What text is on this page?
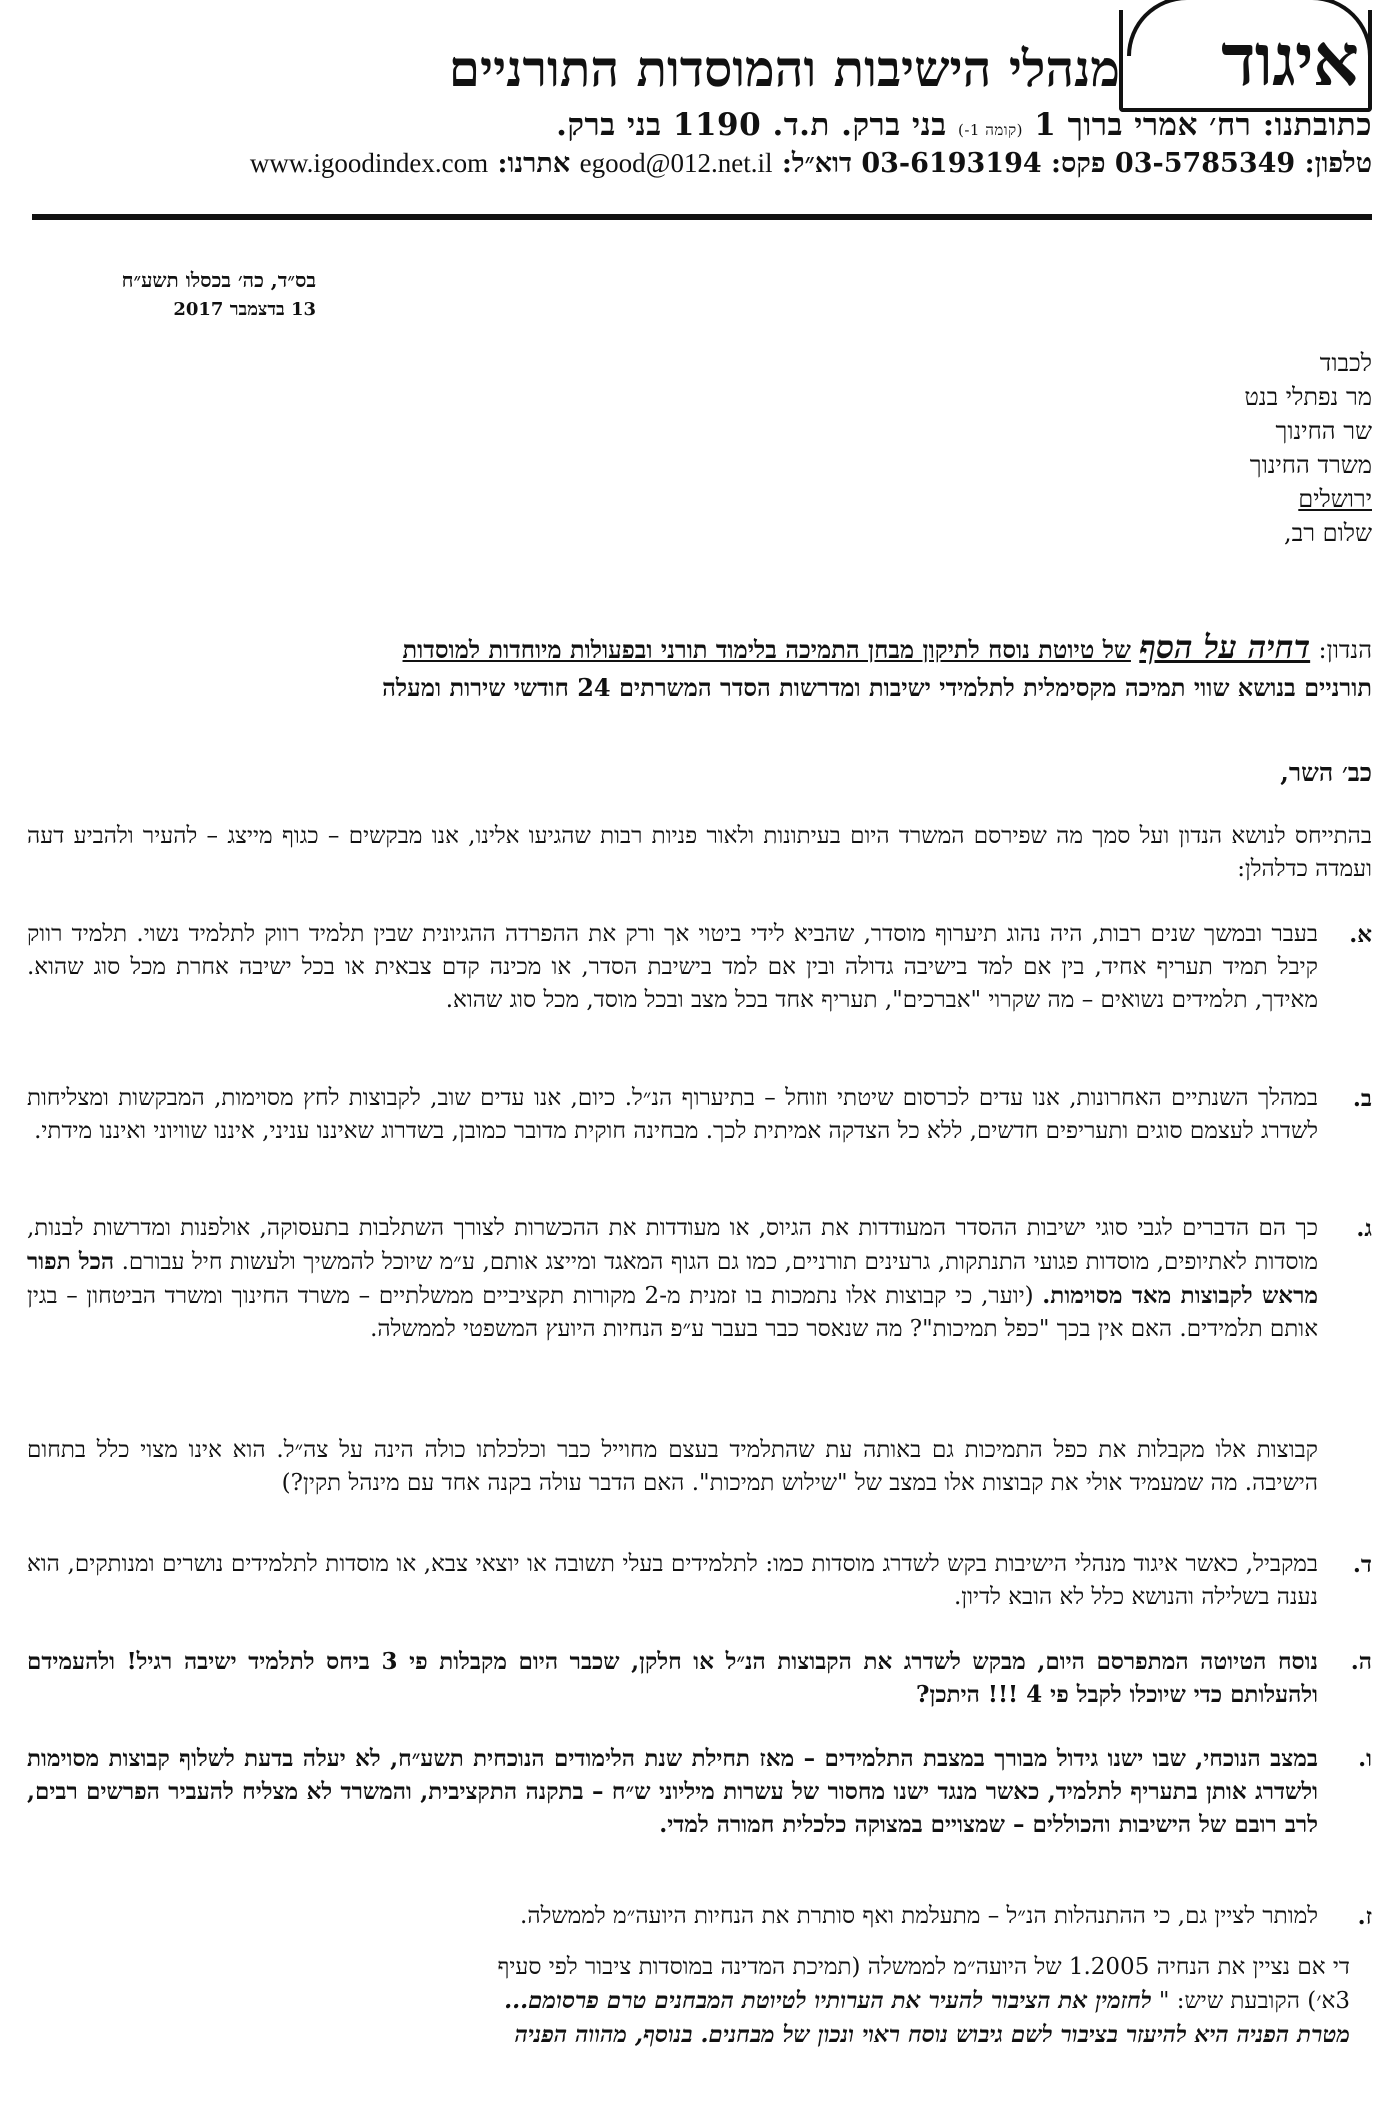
איגוד
מנהלי הישיבות והמוסדות התורניים
כתובתנו: רח׳ אמרי ברוך 1 (קומה 1-) בני ברק. ת.ד. 1190 בני ברק.
טלפון: 03-5785349 פקס: 03-6193194 דוא״ל: egood@012.net.il אתרנו: www.igoodindex.com
בס״ד, כה׳ בכסלו תשע״ח
13 בדצמבר 2017
לכבוד
מר נפתלי בנט
שר החינוך
משרד החינוך
ירושלים
שלום רב,
הנדון: דחיה על הסף של טיוטת נוסח לתיקון מבחן התמיכה בלימוד תורני ובפעולות מיוחדות למוסדות
תורניים בנושא שווי תמיכה מקסימלית לתלמידי ישיבות ומדרשות הסדר המשרתים 24 חודשי שירות ומעלה
כב׳ השר,
בהתייחס לנושא הנדון ועל סמך מה שפירסם המשרד היום בעיתונות ולאור פניות רבות שהגיעו אלינו, אנו מבקשים – כגוף מייצג – להעיר ולהביע דעה ועמדה כדלהלן:
א.
בעבר ובמשך שנים רבות, היה נהוג תיערוף מוסדר, שהביא לידי ביטוי אך ורק את ההפרדה ההגיונית שבין תלמיד רווק לתלמיד נשוי. תלמיד רווק קיבל תמיד תעריף אחיד, בין אם למד בישיבה גדולה ובין אם למד בישיבת הסדר, או מכינה קדם צבאית או בכל ישיבה אחרת מכל סוג שהוא. מאידך, תלמידים נשואים – מה שקרוי "אברכים", תעריף אחד בכל מצב ובכל מוסד, מכל סוג שהוא.
ב.
במהלך השנתיים האחרונות, אנו עדים לכרסום שיטתי וזוחל – בתיערוף הנ״ל. כיום, אנו עדים שוב, לקבוצות לחץ מסוימות, המבקשות ומצליחות לשדרג לעצמם סוגים ותעריפים חדשים, ללא כל הצדקה אמיתית לכך. מבחינה חוקית מדובר כמובן, בשדרוג שאיננו עניני, איננו שוויוני ואיננו מידתי.
ג.
כך הם הדברים לגבי סוגי ישיבות ההסדר המעודדות את הגיוס, או מעודדות את ההכשרות לצורך השתלבות בתעסוקה, אולפנות ומדרשות לבנות, מוסדות לאתיופים, מוסדות פגועי התנתקות, גרעינים תורניים, כמו גם הגוף המאגד ומייצג אותם, ע״מ שיוכל להמשיך ולעשות חיל עבורם. הכל תפור מראש לקבוצות מאד מסוימות. (יוער, כי קבוצות אלו נתמכות בו זמנית מ-2 מקורות תקציביים ממשלתיים – משרד החינוך ומשרד הביטחון – בגין אותם תלמידים. האם אין בכך "כפל תמיכות"? מה שנאסר כבר בעבר ע״פ הנחיות היועץ המשפטי לממשלה.
קבוצות אלו מקבלות את כפל התמיכות גם באותה עת שהתלמיד בעצם מחוייל כבר וכלכלתו כולה הינה על צה״ל. הוא אינו מצוי כלל בתחום הישיבה. מה שמעמיד אולי את קבוצות אלו במצב של "שילוש תמיכות". האם הדבר עולה בקנה אחד עם מינהל תקין?)
ד.
במקביל, כאשר איגוד מנהלי הישיבות בקש לשדרג מוסדות כמו: לתלמידים בעלי תשובה או יוצאי צבא, או מוסדות לתלמידים נושרים ומנותקים, הוא נענה בשלילה והנושא כלל לא הובא לדיון.
ה.
נוסח הטיוטה המתפרסם היום, מבקש לשדרג את הקבוצות הנ״ל או חלקן, שכבר היום מקבלות פי 3 ביחס לתלמיד ישיבה רגיל! ולהעמידם ולהעלותם כדי שיוכלו לקבל פי 4 !!! היתכן?
ו.
במצב הנוכחי, שבו ישנו גידול מבורך במצבת התלמידים – מאז תחילת שנת הלימודים הנוכחית תשע״ח, לא יעלה בדעת לשלוף קבוצות מסוימות ולשדרג אותן בתעריף לתלמיד, כאשר מנגד ישנו מחסור של עשרות מיליוני ש״ח – בתקנה התקציבית, והמשרד לא מצליח להעביר הפרשים רבים, לרב רובם של הישיבות והכוללים – שמצויים במצוקה כלכלית חמורה למדי.
ז.
למותר לציין גם, כי ההתנהלות הנ״ל – מתעלמת ואף סותרת את הנחיות היועה״מ לממשלה.
די אם נציין את הנחיה 1.2005 של היועה״מ לממשלה (תמיכת המדינה במוסדות ציבור לפי סעיף
3א׳) הקובעת שיש: " לחזמין את הציבור להעיר את הערותיו לטיוטת המבחנים טרם פרסומם...
מטרת הפניה היא להיעזר בציבור לשם גיבוש נוסח ראוי ונכון של מבחנים. בנוסף, מהווה הפניה
